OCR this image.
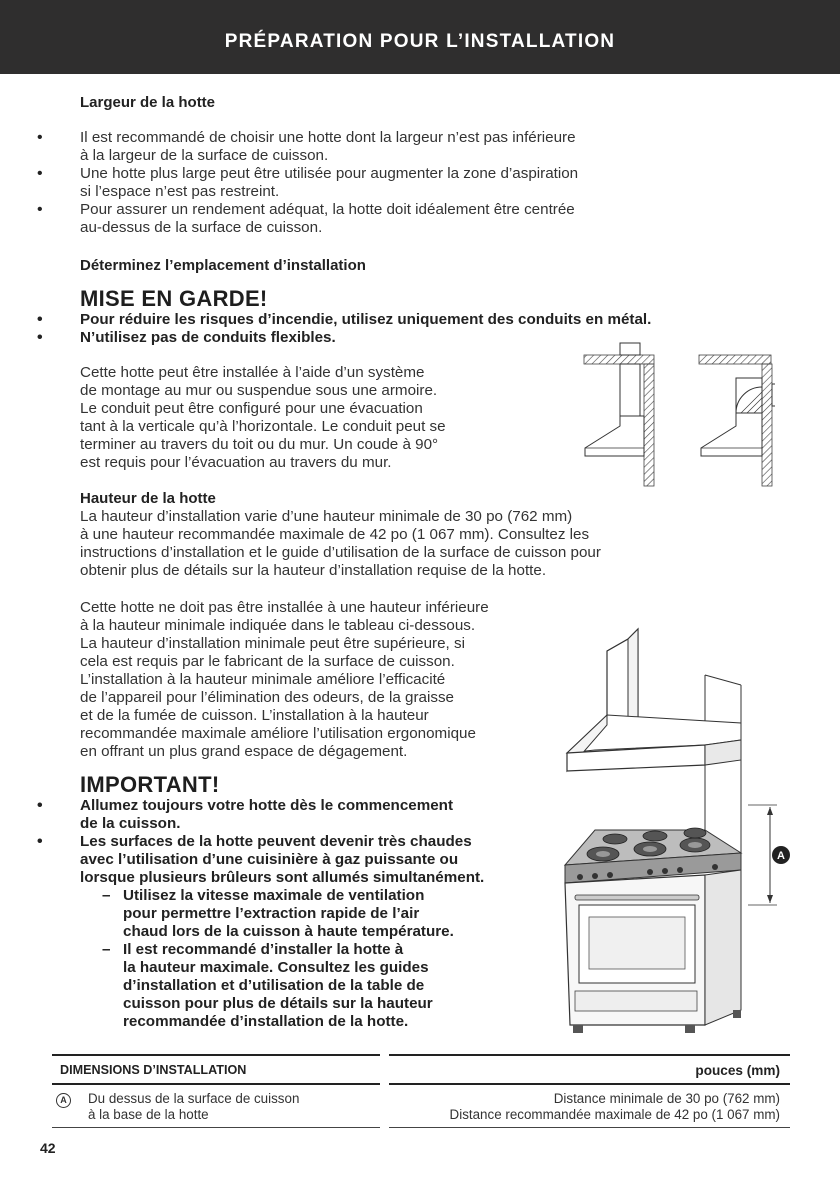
PRÉPARATION POUR L’INSTALLATION
Largeur de la hotte
• Il est recommandé de choisir une hotte dont la largeur n’est pas inférieure
à la largeur de la surface de cuisson.
• Une hotte plus large peut être utilisée pour augmenter la zone d’aspiration
si l’espace n’est pas restreint.
• Pour assurer un rendement adéquat, la hotte doit idéalement être centrée
au-dessus de la surface de cuisson.
Déterminez l’emplacement d’installation
MISE EN GARDE!
• Pour réduire les risques d’incendie, utilisez uniquement des conduits en métal.
• N’utilisez pas de conduits flexibles.
Cette hotte peut être installée à l’aide d’un système
de montage au mur ou suspendue sous une armoire.
Le conduit peut être configuré pour une évacuation
tant à la verticale qu’à l’horizontale. Le conduit peut se
terminer au travers du toit ou du mur. Un coude à 90°
est requis pour l’évacuation au travers du mur.
Hauteur de la hotte
La hauteur d’installation varie d’une hauteur minimale de 30 po (762 mm)
à une hauteur recommandée maximale de 42 po (1 067 mm). Consultez les
instructions d’installation et le guide d’utilisation de la surface de cuisson pour
obtenir plus de détails sur la hauteur d’installation requise de la hotte.
Cette hotte ne doit pas être installée à une hauteur inférieure
à la hauteur minimale indiquée dans le tableau ci-dessous.
La hauteur d’installation minimale peut être supérieure, si
cela est requis par le fabricant de la surface de cuisson.
L’installation à la hauteur minimale améliore l’efficacité
de l’appareil pour l’élimination des odeurs, de la graisse
et de la fumée de cuisson. L’installation à la hauteur
recommandée maximale améliore l’utilisation ergonomique
en offrant un plus grand espace de dégagement.
IMPORTANT!
• Allumez toujours votre hotte dès le commencement
de la cuisson.
• Les surfaces de la hotte peuvent devenir très chaudes
avec l’utilisation d’une cuisinière à gaz puissante ou
lorsque plusieurs brûleurs sont allumés simultanément.
– Utilisez la vitesse maximale de ventilation
pour permettre l’extraction rapide de l’air
chaud lors de la cuisson à haute température.
– Il est recommandé d’installer la hotte à
la hauteur maximale. Consultez les guides
d’installation et d’utilisation de la table de
cuisson pour plus de détails sur la hauteur
recommandée d’installation de la hotte.
A
DIMENSIONS D’INSTALLATION	pouces (mm)
A	Du dessus de la surface de cuisson
à la base de la hotte
Distance minimale de 30 po (762 mm)
Distance recommandée maximale de 42 po (1 067 mm)
42
